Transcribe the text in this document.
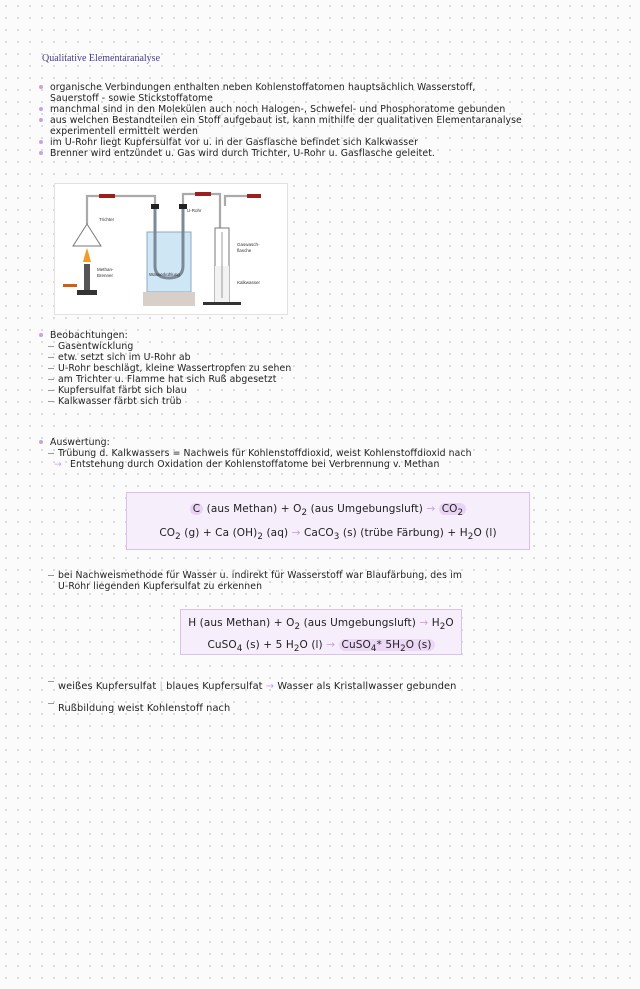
Qualitative Elementaranalyse
organische Verbindungen enthalten neben Kohlenstoffatomen hauptsächlich Wasserstoff,
Sauerstoff - sowie Stickstoffatome
manchmal sind in den Molekülen auch noch Halogen-, Schwefel- und Phosphoratome gebunden
aus welchen Bestandteilen ein Stoff aufgebaut ist, kann mithilfe der qualitativen Elementaranalyse
experimentell ermittelt werden
im U-Rohr liegt Kupfersulfat vor u. in der Gasflasche befindet sich Kalkwasser
Brenner wird entzündet u. Gas wird durch Trichter, U-Rohr u. Gasflasche geleitet.
Trichter
Methan-
Brenner
U-Rohr
Wasserkühlung
Gaswasch-
flasche
Kalkwasser
Beobachtungen:
Gasentwicklung
etw. setzt sich im U-Rohr ab
U-Rohr beschlägt, kleine Wassertropfen zu sehen
am Trichter u. Flamme hat sich Ruß abgesetzt
Kupfersulfat färbt sich blau
Kalkwasser färbt sich trüb
Auswertung:
Trübung d. Kalkwassers = Nachweis für Kohlenstoffdioxid, weist Kohlenstoffdioxid nach
→ Entstehung durch Oxidation der Kohlenstoffatome bei Verbrennung v. Methan
C (aus Methan) + $O_2$ (aus Umgebungsluft) → $CO_2$
$CO_2$ (g) + Ca $(OH)_2$ (aq) → CaCO$_3$ (s) (trübe Färbung) + $H_2O$ (l)
bei Nachweismethode für Wasser u. indirekt für Wasserstoff war Blaufärbung, des im
U-Rohr liegenden Kupfersulfat zu erkennen
H (aus Methan) + $O_2$ (aus Umgebungsluft) → $H_2O$
CuSO$_4$ (s) + 5 $H_2O$ (l) → CuSO$_4$* $5H_2O$ (s)
weißes Kupfersulfat | blaues Kupfersulfat → Wasser als Kristallwasser gebunden
Rußbildung weist Kohlenstoff nach
